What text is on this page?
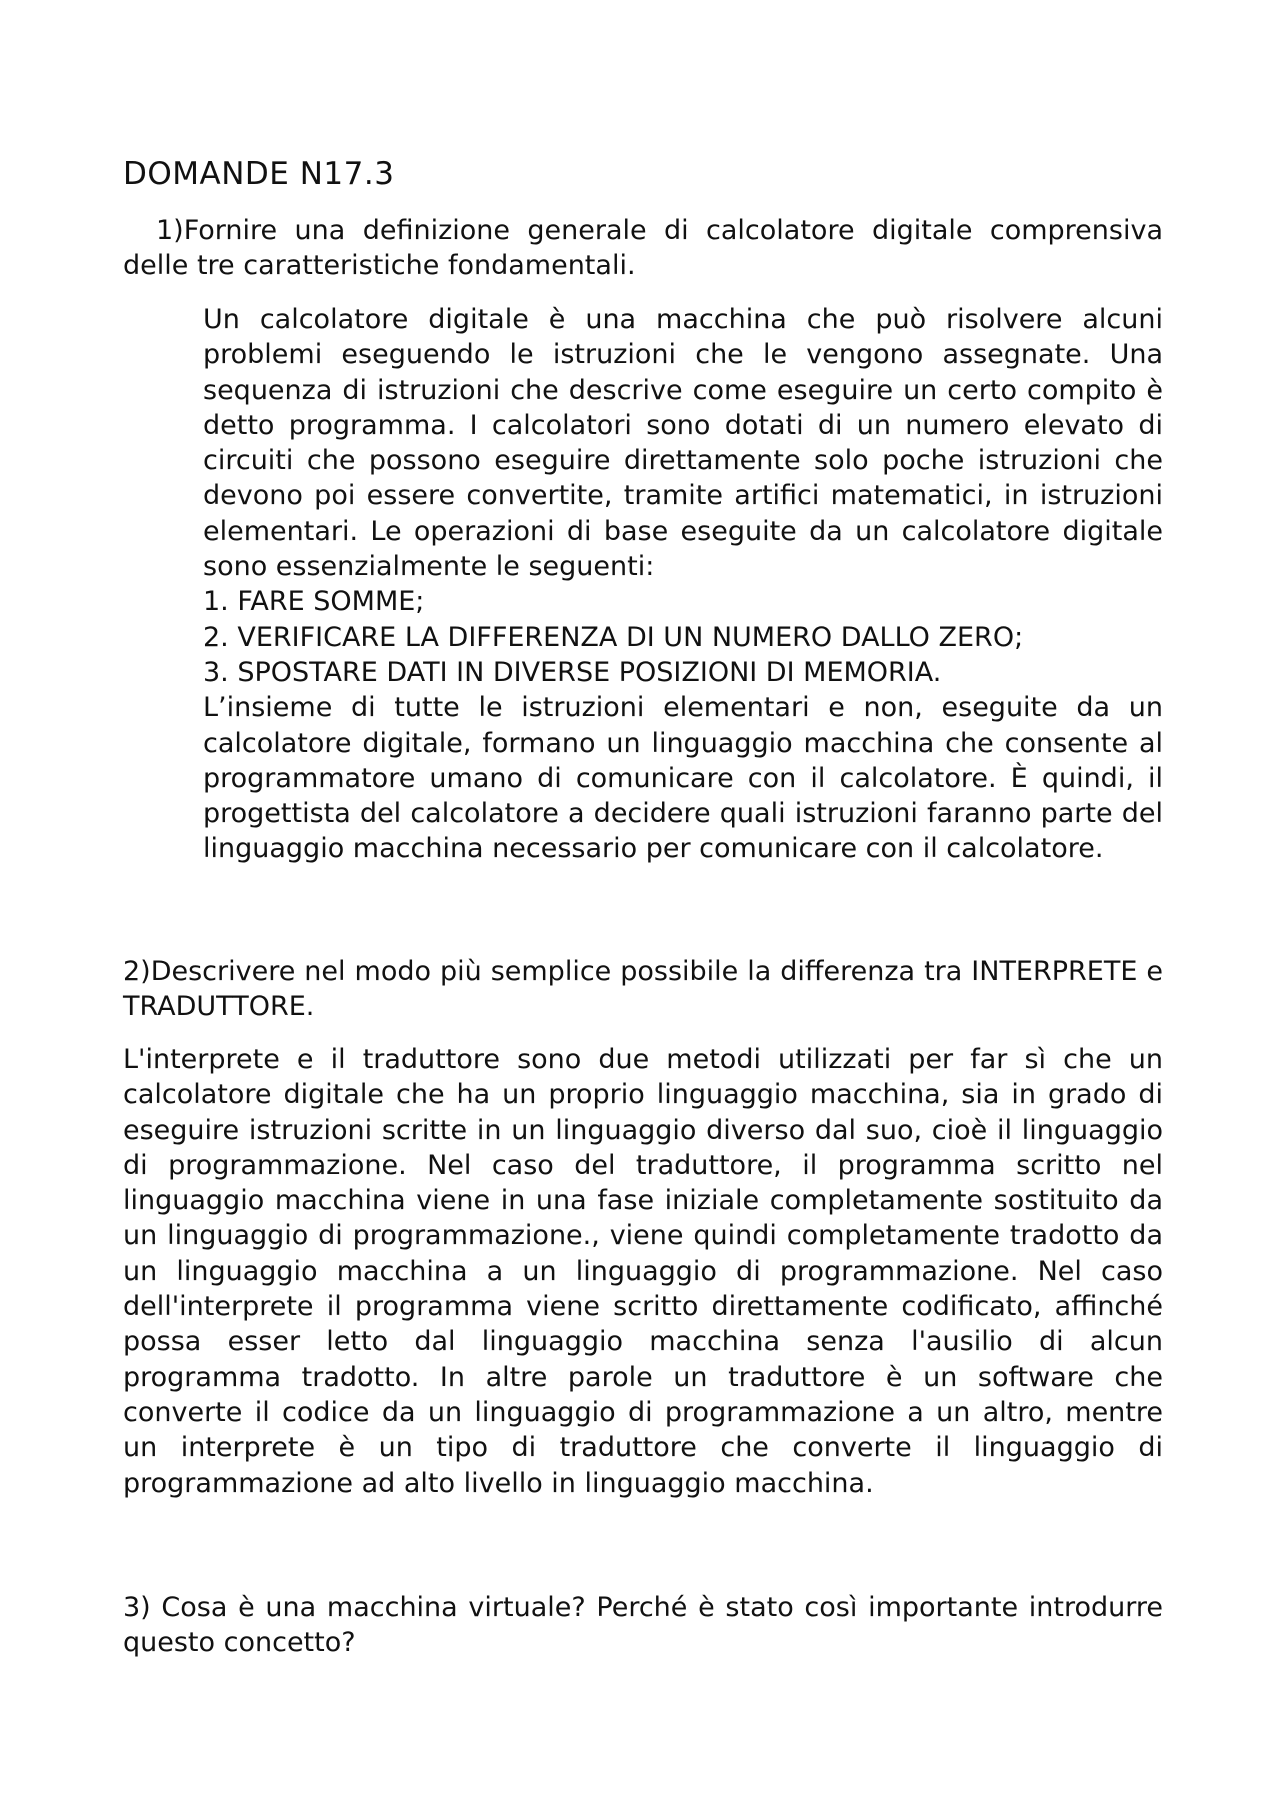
DOMANDE N17.3

1)Fornire una definizione generale di calcolatore digitale comprensiva delle tre caratteristiche fondamentali.

Un calcolatore digitale è una macchina che può risolvere alcuni problemi eseguendo le istruzioni che le vengono assegnate. Una sequenza di istruzioni che descrive come eseguire un certo compito è detto programma. I calcolatori sono dotati di un numero elevato di circuiti che possono eseguire direttamente solo poche istruzioni che devono poi essere convertite, tramite artifici matematici, in istruzioni elementari. Le operazioni di base eseguite da un calcolatore digitale sono essenzialmente le seguenti:
1. FARE SOMME;
2. VERIFICARE LA DIFFERENZA DI UN NUMERO DALLO ZERO;
3. SPOSTARE DATI IN DIVERSE POSIZIONI DI MEMORIA.
L’insieme di tutte le istruzioni elementari e non, eseguite da un calcolatore digitale, formano un linguaggio macchina che consente al programmatore umano di comunicare con il calcolatore. È quindi, il progettista del calcolatore a decidere quali istruzioni faranno parte del linguaggio macchina necessario per comunicare con il calcolatore.

2)Descrivere nel modo più semplice possibile la differenza tra INTERPRETE e TRADUTTORE.

L'interprete e il traduttore sono due metodi utilizzati per far sì che un calcolatore digitale che ha un proprio linguaggio macchina, sia in grado di eseguire istruzioni scritte in un linguaggio diverso dal suo, cioè il linguaggio di programmazione. Nel caso del traduttore, il programma scritto nel linguaggio macchina viene in una fase iniziale completamente sostituito da un linguaggio di programmazione., viene quindi completamente tradotto da un linguaggio macchina a un linguaggio di programmazione. Nel caso dell'interprete il programma viene scritto direttamente codificato, affinché possa esser letto dal linguaggio macchina senza l'ausilio di alcun programma tradotto. In altre parole un traduttore è un software che converte il codice da un linguaggio di programmazione a un altro, mentre un interprete è un tipo di traduttore che converte il linguaggio di programmazione ad alto livello in linguaggio macchina.

3) Cosa è una macchina virtuale? Perché è stato così importante introdurre questo concetto?
